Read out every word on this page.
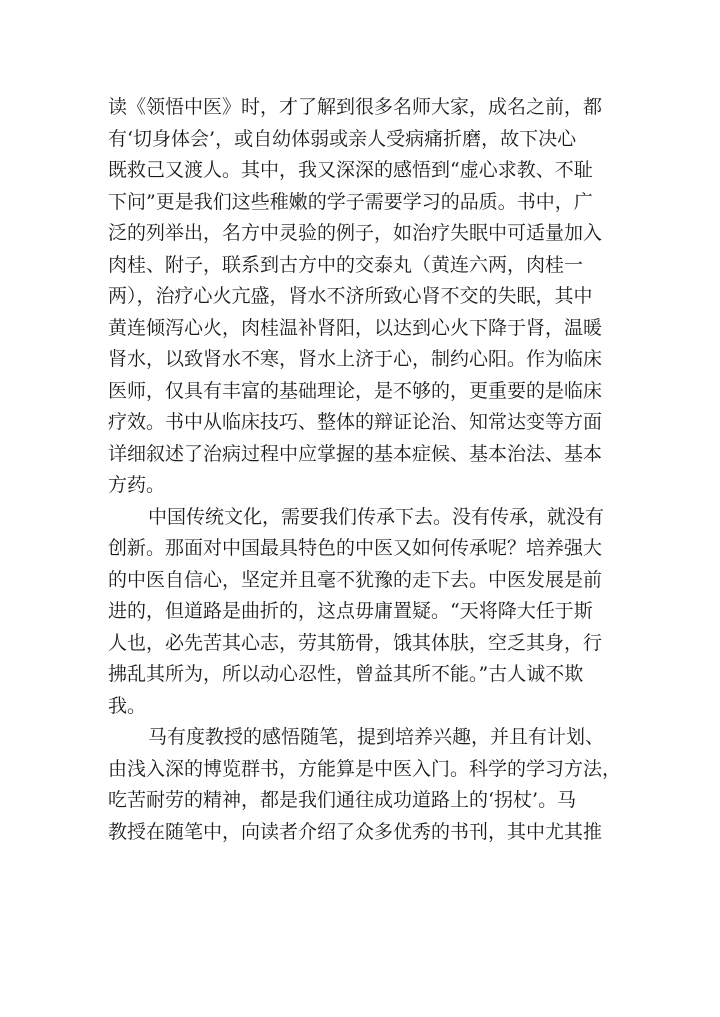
读《领悟中医》时，才了解到很多名师大家，成名之前，都
有‘切身体会’，或自幼体弱或亲人受病痛折磨，故下决心
既救己又渡人。其中，我又深深的感悟到“虚心求教、不耻
下问”更是我们这些稚嫩的学子需要学习的品质。书中，广
泛的列举出，名方中灵验的例子，如治疗失眠中可适量加入
肉桂、附子，联系到古方中的交泰丸（黄连六两，肉桂一
两），治疗心火亢盛，肾水不济所致心肾不交的失眠，其中
黄连倾泻心火，肉桂温补肾阳，以达到心火下降于肾，温暖
肾水，以致肾水不寒，肾水上济于心，制约心阳。作为临床
医师，仅具有丰富的基础理论，是不够的，更重要的是临床
疗效。书中从临床技巧、整体的辩证论治、知常达变等方面
详细叙述了治病过程中应掌握的基本症候、基本治法、基本
方药。
中国传统文化，需要我们传承下去。没有传承，就没有
创新。那面对中国最具特色的中医又如何传承呢？培养强大
的中医自信心，坚定并且毫不犹豫的走下去。中医发展是前
进的，但道路是曲折的，这点毋庸置疑。“天将降大任于斯
人也，必先苦其心志，劳其筋骨，饿其体肤，空乏其身，行
拂乱其所为，所以动心忍性，曾益其所不能。”古人诚不欺
我。
马有度教授的感悟随笔，提到培养兴趣，并且有计划、
由浅入深的博览群书，方能算是中医入门。科学的学习方法，
吃苦耐劳的精神，都是我们通往成功道路上的‘拐杖’。马
教授在随笔中，向读者介绍了众多优秀的书刊，其中尤其推
